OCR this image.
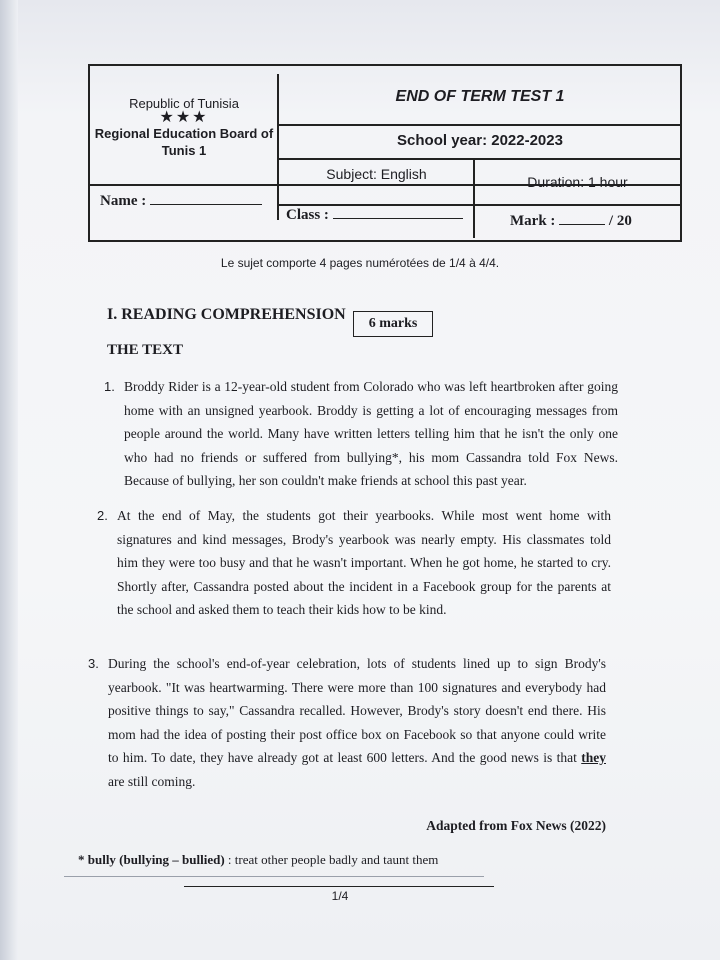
Republic of Tunisia
★★★
Regional Education Board of Tunis 1
END OF TERM TEST 1
School year: 2022-2023
Subject: English	Duration: 1 hour
Name :
Class :	Mark :	/ 20
Le sujet comporte 4 pages numérotées de 1/4 à 4/4.
I. READING COMPREHENSION
6 marks
THE TEXT
1. Broddy Rider is a 12-year-old student from Colorado who was left heartbroken after going home with an unsigned yearbook. Broddy is getting a lot of encouraging messages from people around the world. Many have written letters telling him that he isn't the only one who had no friends or suffered from bullying*, his mom Cassandra told Fox News. Because of bullying, her son couldn't make friends at school this past year.
2. At the end of May, the students got their yearbooks. While most went home with signatures and kind messages, Brody's yearbook was nearly empty. His classmates told him they were too busy and that he wasn't important. When he got home, he started to cry. Shortly after, Cassandra posted about the incident in a Facebook group for the parents at the school and asked them to teach their kids how to be kind.
3. During the school's end-of-year celebration, lots of students lined up to sign Brody's yearbook. "It was heartwarming. There were more than 100 signatures and everybody had positive things to say," Cassandra recalled. However, Brody's story doesn't end there. His mom had the idea of posting their post office box on Facebook so that anyone could write to him. To date, they have already got at least 600 letters. And the good news is that they are still coming.
Adapted from Fox News (2022)
* bully (bullying – bullied) : treat other people badly and taunt them
1/4
